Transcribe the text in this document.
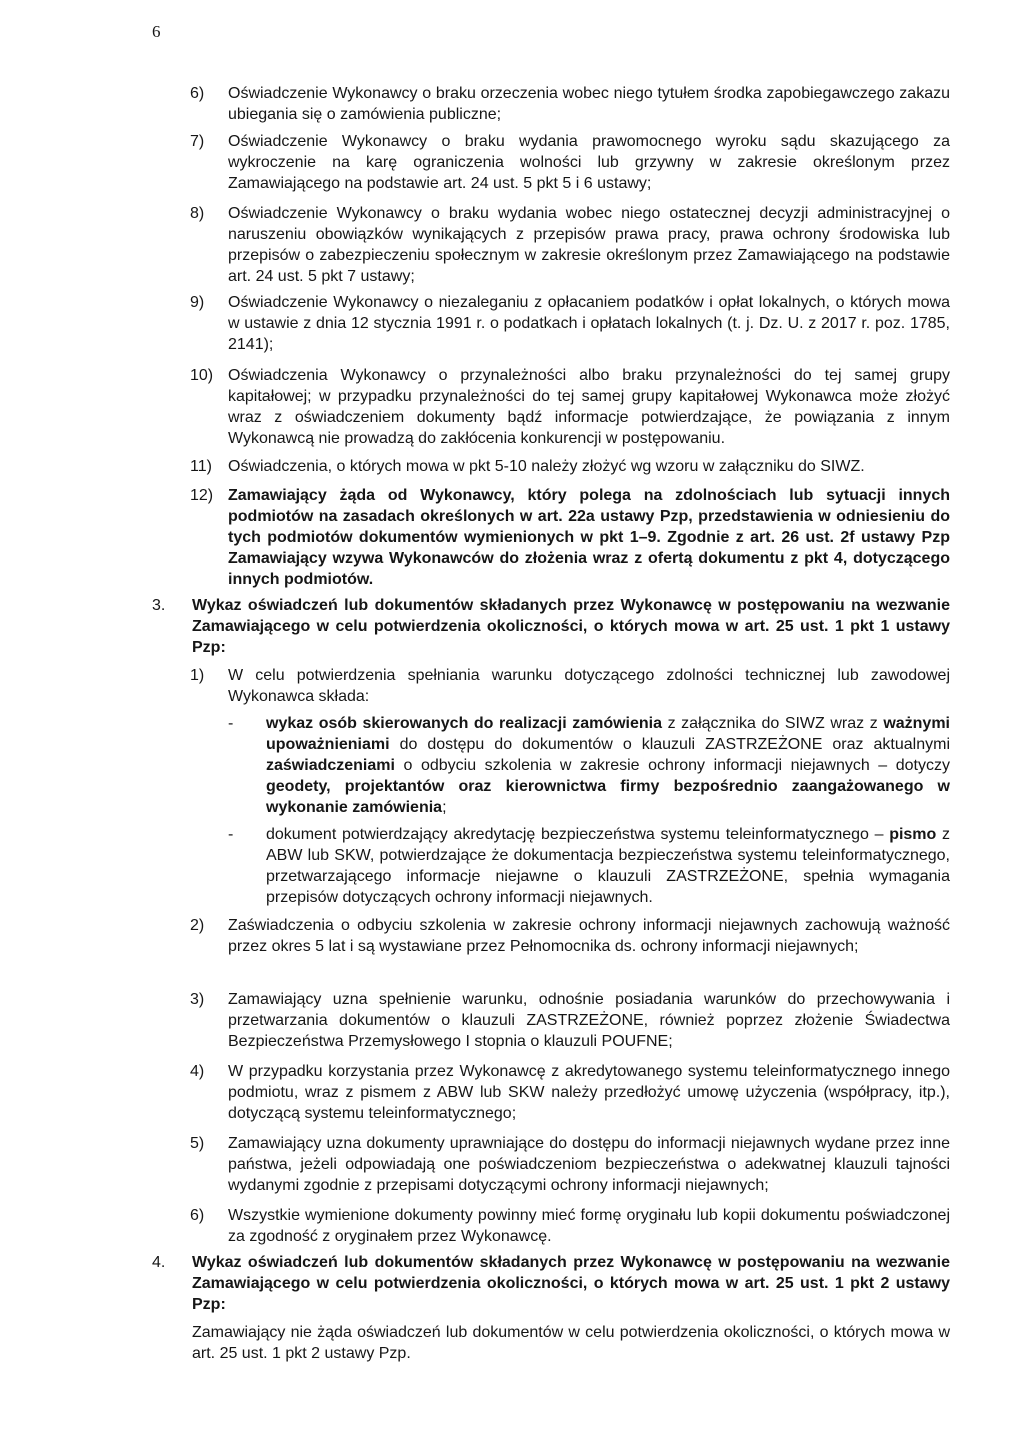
6
6)	Oświadczenie Wykonawcy o braku orzeczenia wobec niego tytułem środka zapobiegawczego zakazu ubiegania się o zamówienia publiczne;
7)	Oświadczenie Wykonawcy o braku wydania prawomocnego wyroku sądu skazującego za wykroczenie na karę ograniczenia wolności lub grzywny w zakresie określonym przez Zamawiającego na podstawie art. 24 ust. 5 pkt 5 i 6 ustawy;
8)	Oświadczenie Wykonawcy o braku wydania wobec niego ostatecznej decyzji administracyjnej o naruszeniu obowiązków wynikających z przepisów prawa pracy, prawa ochrony środowiska lub przepisów o zabezpieczeniu społecznym w zakresie określonym przez Zamawiającego na podstawie art. 24 ust. 5 pkt 7 ustawy;
9)	Oświadczenie Wykonawcy o niezaleganiu z opłacaniem podatków i opłat lokalnych, o których mowa w ustawie z dnia 12 stycznia 1991 r. o podatkach i opłatach lokalnych (t. j. Dz. U. z 2017 r. poz. 1785, 2141);
10) Oświadczenia Wykonawcy o przynależności albo braku przynależności do tej samej grupy kapitałowej; w przypadku przynależności do tej samej grupy kapitałowej Wykonawca może złożyć wraz z oświadczeniem dokumenty bądź informacje potwierdzające, że powiązania z innym Wykonawcą nie prowadzą do zakłócenia konkurencji w postępowaniu.
11)	Oświadczenia, o których mowa w pkt 5-10 należy złożyć wg wzoru w załączniku do SIWZ.
12) Zamawiający żąda od Wykonawcy, który polega na zdolnościach lub sytuacji innych podmiotów na zasadach określonych w art. 22a ustawy Pzp, przedstawienia w odniesieniu do tych podmiotów dokumentów wymienionych w pkt 1–9. Zgodnie z art. 26 ust. 2f ustawy Pzp Zamawiający wzywa Wykonawców do złożenia wraz z ofertą dokumentu z pkt 4, dotyczącego innych podmiotów.
3.	Wykaz oświadczeń lub dokumentów składanych przez Wykonawcę w postępowaniu na wezwanie Zamawiającego w celu potwierdzenia okoliczności, o których mowa w art. 25 ust. 1 pkt 1 ustawy Pzp:
1)	W celu potwierdzenia spełniania warunku dotyczącego zdolności technicznej lub zawodowej Wykonawca składa:
-	wykaz osób skierowanych do realizacji zamówienia z załącznika do SIWZ wraz z ważnymi upoważnieniami do dostępu do dokumentów o klauzuli ZASTRZEŻONE oraz aktualnymi zaświadczeniami o odbyciu szkolenia w zakresie ochrony informacji niejawnych – dotyczy geodety, projektantów oraz kierownictwa firmy bezpośrednio zaangażowanego w wykonanie zamówienia;
-	dokument potwierdzający akredytację bezpieczeństwa systemu teleinformatycznego – pismo z ABW lub SKW, potwierdzające że dokumentacja bezpieczeństwa systemu teleinformatycznego, przetwarzającego informacje niejawne o klauzuli ZASTRZEŻONE, spełnia wymagania przepisów dotyczących ochrony informacji niejawnych.
2)	Zaświadczenia o odbyciu szkolenia w zakresie ochrony informacji niejawnych zachowują ważność przez okres 5 lat i są wystawiane przez Pełnomocnika ds. ochrony informacji niejawnych;
3)	Zamawiający uzna spełnienie warunku, odnośnie posiadania warunków do przechowywania i przetwarzania dokumentów o klauzuli ZASTRZEŻONE, również poprzez złożenie Świadectwa Bezpieczeństwa Przemysłowego I stopnia o klauzuli POUFNE;
4)	W przypadku korzystania przez Wykonawcę z akredytowanego systemu teleinformatycznego innego podmiotu, wraz z pismem z ABW lub SKW należy przedłożyć umowę użyczenia (współpracy, itp.), dotyczącą systemu teleinformatycznego;
5)	Zamawiający uzna dokumenty uprawniające do dostępu do informacji niejawnych wydane przez inne państwa, jeżeli odpowiadają one poświadczeniom bezpieczeństwa o adekwatnej klauzuli tajności wydanymi zgodnie z przepisami dotyczącymi ochrony informacji niejawnych;
6)	Wszystkie wymienione dokumenty powinny mieć formę oryginału lub kopii dokumentu poświadczonej za zgodność z oryginałem przez Wykonawcę.
4.	Wykaz oświadczeń lub dokumentów składanych przez Wykonawcę w postępowaniu na wezwanie Zamawiającego w celu potwierdzenia okoliczności, o których mowa w art. 25 ust. 1 pkt 2 ustawy Pzp:
Zamawiający nie żąda oświadczeń lub dokumentów w celu potwierdzenia okoliczności, o których mowa w art. 25 ust. 1 pkt 2 ustawy Pzp.
